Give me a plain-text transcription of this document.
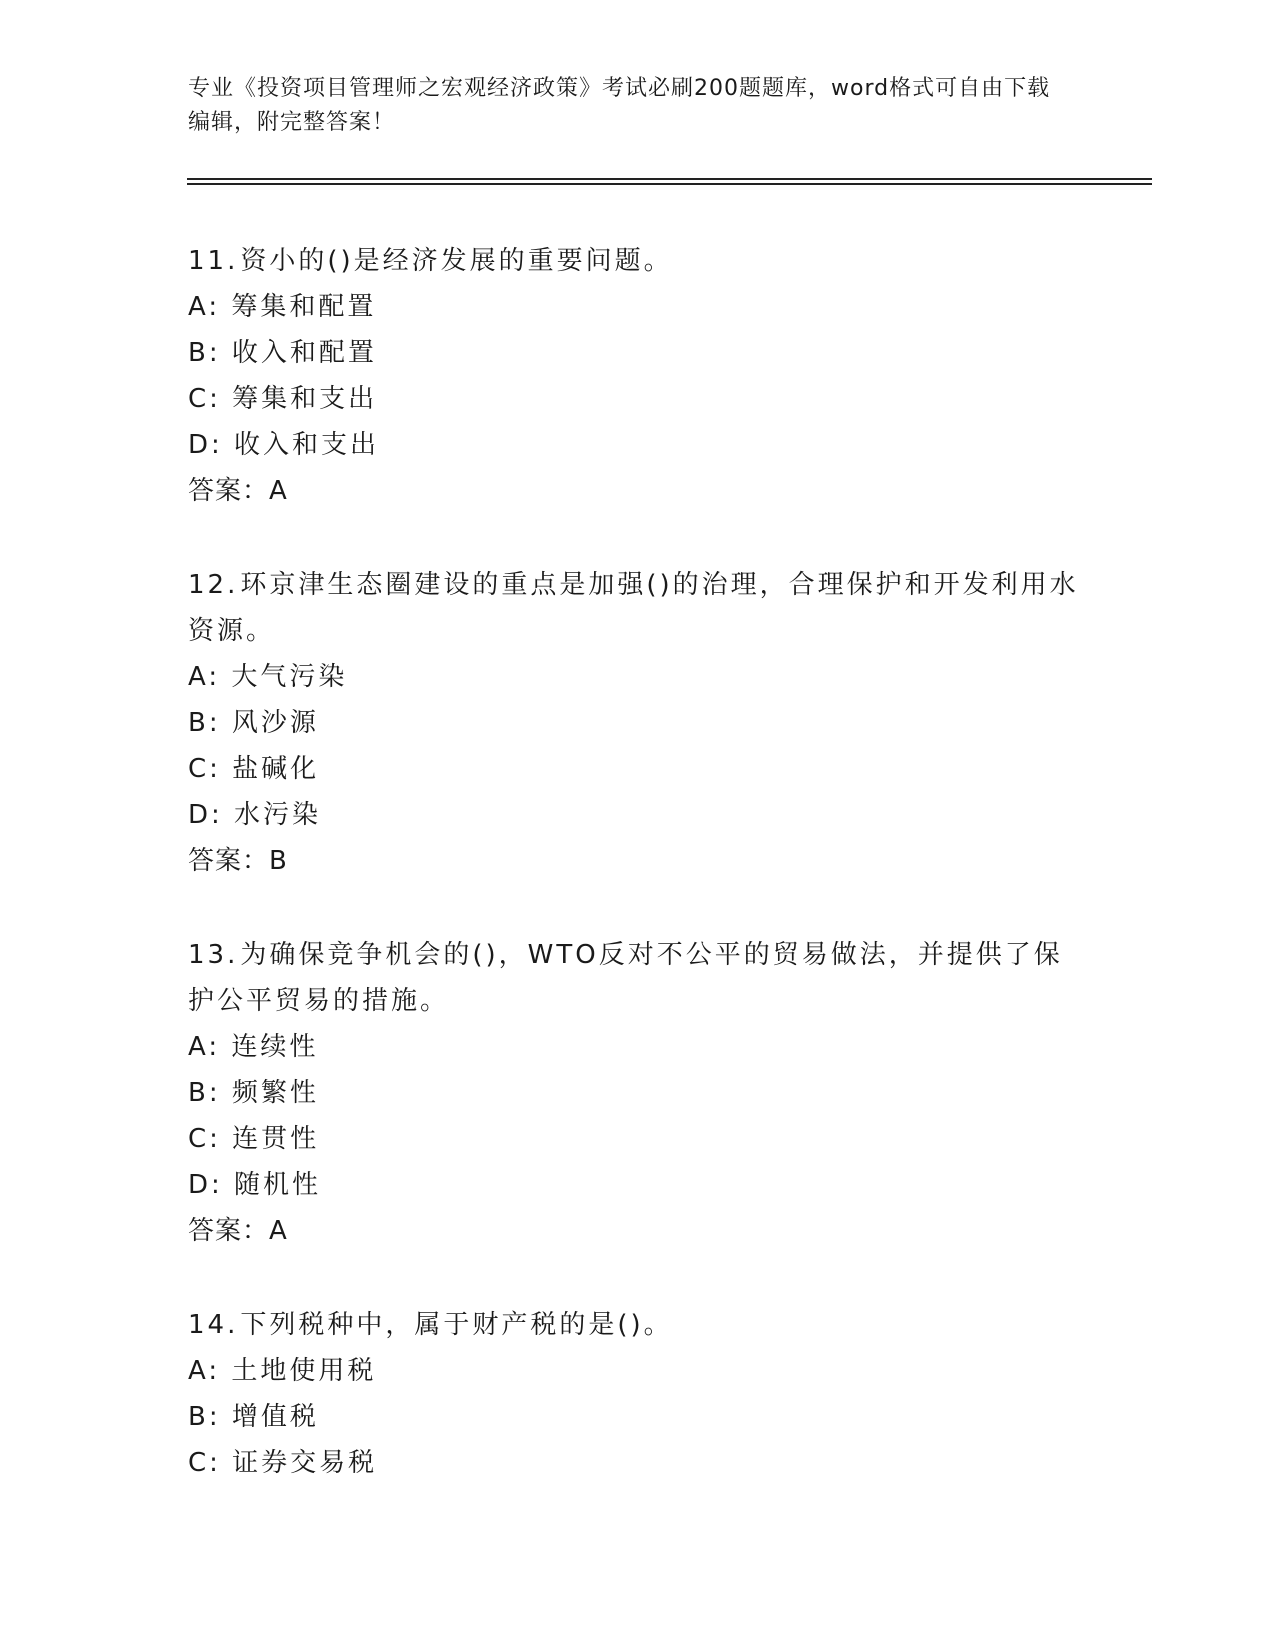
专业《投资项目管理师之宏观经济政策》考试必刷200题题库，word格式可自由下载编辑，附完整答案！
11.资小的()是经济发展的重要问题。
A: 筹集和配置
B: 收入和配置
C: 筹集和支出
D: 收入和支出
答案：A
12.环京津生态圈建设的重点是加强()的治理，合理保护和开发利用水资源。
A: 大气污染
B: 风沙源
C: 盐碱化
D: 水污染
答案：B
13.为确保竞争机会的()，WTO反对不公平的贸易做法，并提供了保护公平贸易的措施。
A: 连续性
B: 频繁性
C: 连贯性
D: 随机性
答案：A
14.下列税种中，属于财产税的是()。
A: 土地使用税
B: 增值税
C: 证券交易税
